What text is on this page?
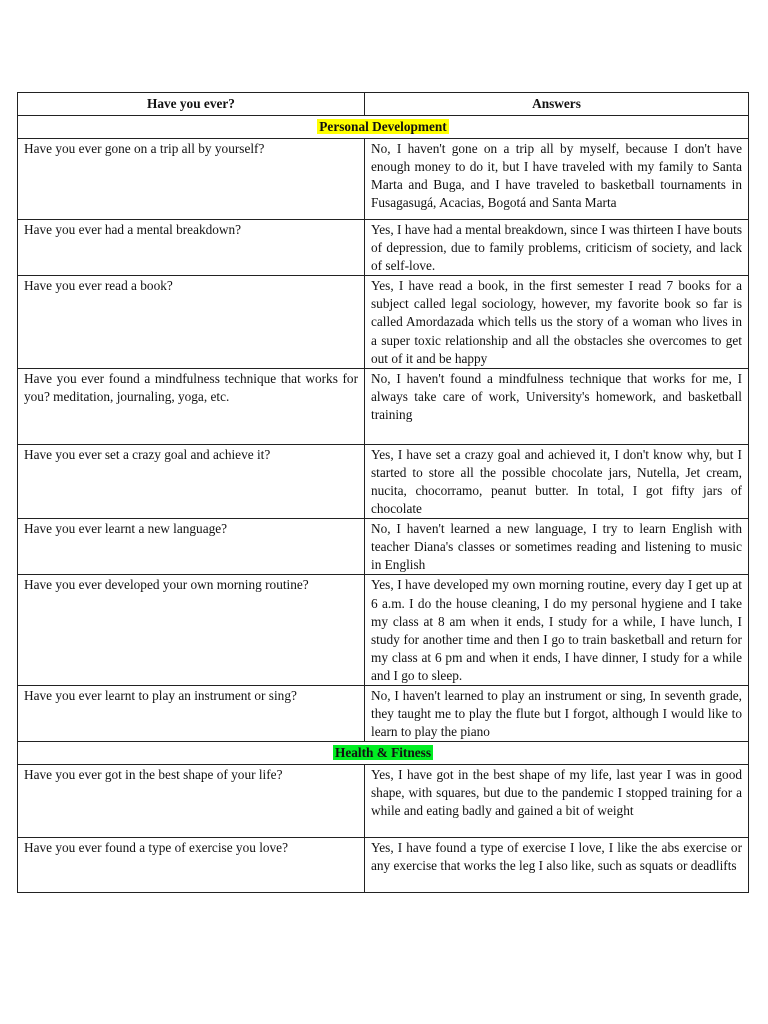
Have you ever?	Answers
Personal Development	
Have you ever gone on a trip all by yourself?	No, I haven't gone on a trip all by myself, because I don't have enough money to do it, but I have traveled with my family to Santa Marta and Buga, and I have traveled to basketball tournaments in Fusagasugá, Acacias, Bogotá and Santa Marta
Have you ever had a mental breakdown?	Yes, I have had a mental breakdown, since I was thirteen I have bouts of depression, due to family problems, criticism of society, and lack of self-love.
Have you ever read a book?	Yes, I have read a book, in the first semester I read 7 books for a subject called legal sociology, however, my favorite book so far is called Amordazada which tells us the story of a woman who lives in a super toxic relationship and all the obstacles she overcomes to get out of it and be happy
Have you ever found a mindfulness technique that works for you? meditation, journaling, yoga, etc.	No, I haven't found a mindfulness technique that works for me, I always take care of work, University's homework, and basketball training
Have you ever set a crazy goal and achieve it?	Yes, I have set a crazy goal and achieved it, I don't know why, but I started to store all the possible chocolate jars, Nutella, Jet cream, nucita, chocorramo, peanut butter. In total, I got fifty jars of chocolate
Have you ever learnt a new language?	No, I haven't learned a new language, I try to learn English with teacher Diana's classes or sometimes reading and listening to music in English
Have you ever developed your own morning routine?	Yes, I have developed my own morning routine, every day I get up at 6 a.m. I do the house cleaning, I do my personal hygiene and I take my class at 8 am when it ends, I study for a while, I have lunch, I study for another time and then I go to train basketball and return for my class at 6 pm and when it ends, I have dinner, I study for a while and I go to sleep.
Have you ever learnt to play an instrument or sing?	No, I haven't learned to play an instrument or sing, In seventh grade, they taught me to play the flute but I forgot, although I would like to learn to play the piano
Health & Fitness	
Have you ever got in the best shape of your life?	Yes, I have got in the best shape of my life, last year I was in good shape, with squares, but due to the pandemic I stopped training for a while and eating badly and gained a bit of weight
Have you ever found a type of exercise you love?	Yes, I have found a type of exercise I love, I like the abs exercise or any exercise that works the leg I also like, such as squats or deadlifts
